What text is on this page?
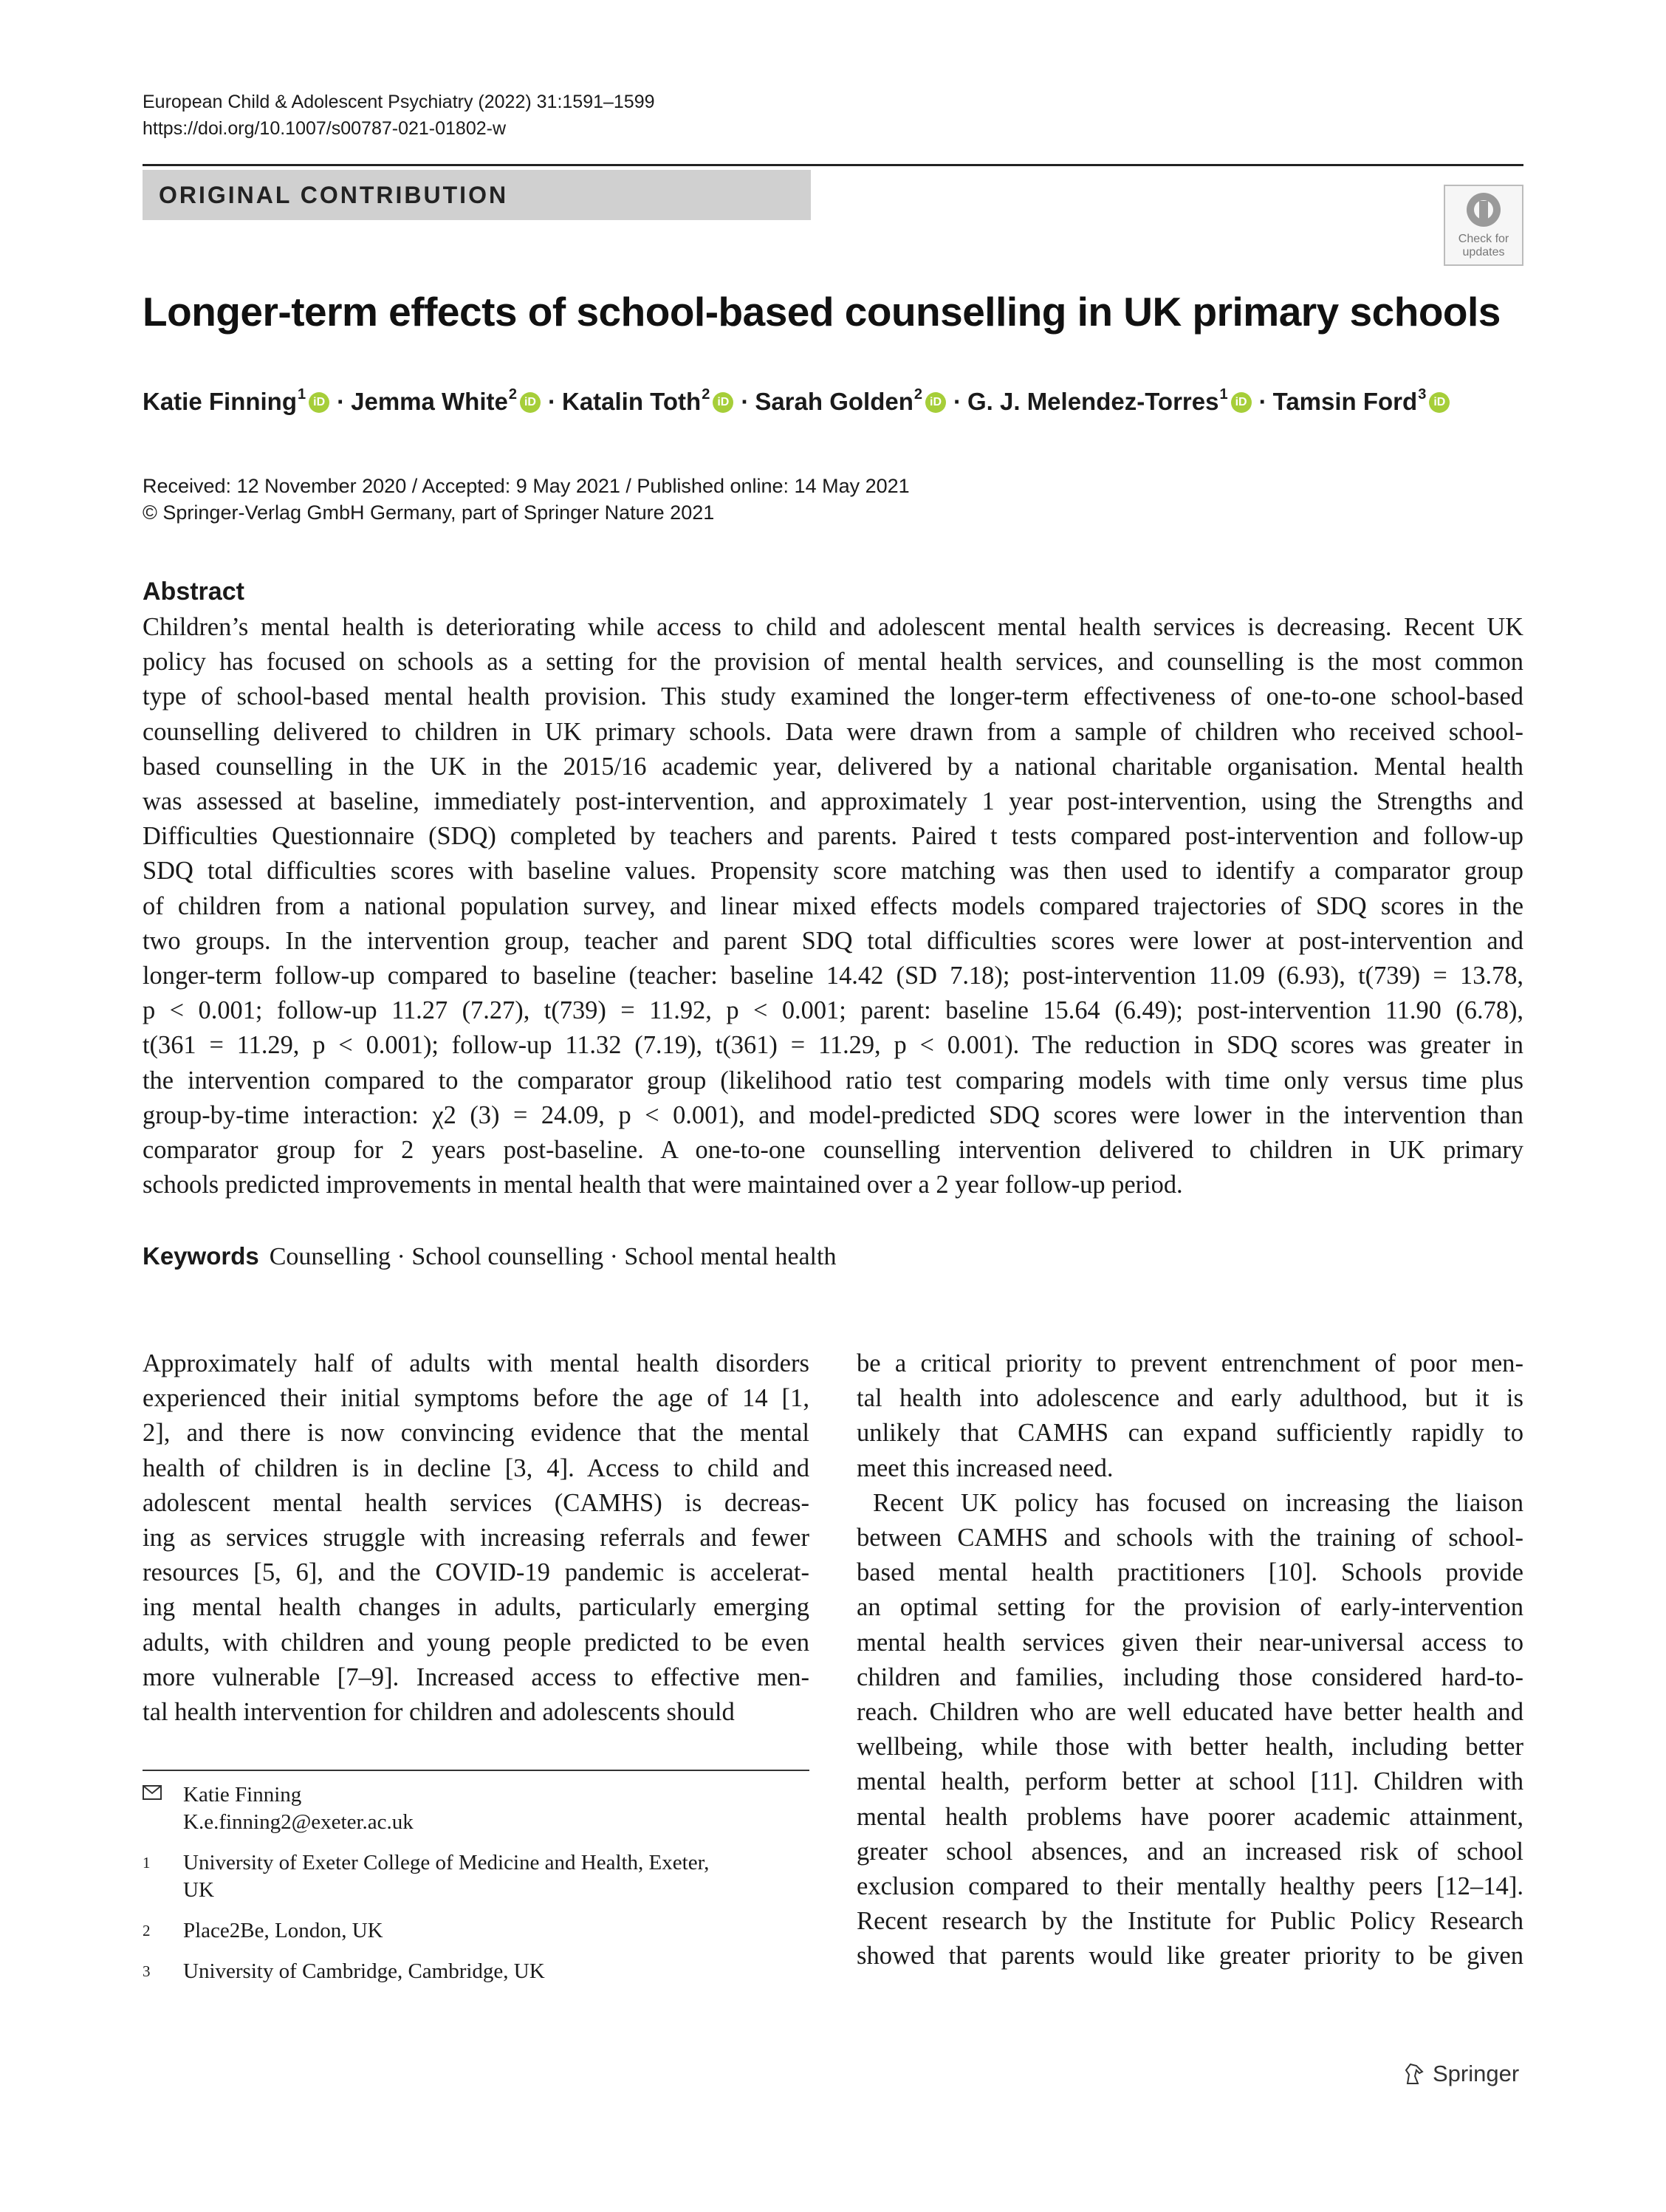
European Child & Adolescent Psychiatry (2022) 31:1591–1599
https://doi.org/10.1007/s00787-021-01802-w
ORIGINAL CONTRIBUTION
Check for
updates
Longer-term effects of school-based counselling in UK primary schools
Katie Finning$^1$ iD · Jemma White$^2$ iD · Katalin Toth$^2$ iD · Sarah Golden$^2$ iD · G. J. Melendez-Torres$^1$ iD · Tamsin Ford$^3$ iD
Received: 12 November 2020 / Accepted: 9 May 2021 / Published online: 14 May 2021
© Springer-Verlag GmbH Germany, part of Springer Nature 2021
Abstract
Children’s mental health is deteriorating while access to child and adolescent mental health services is decreasing. Recent UK
policy has focused on schools as a setting for the provision of mental health services, and counselling is the most common
type of school-based mental health provision. This study examined the longer-term effectiveness of one-to-one school-based
counselling delivered to children in UK primary schools. Data were drawn from a sample of children who received school-
based counselling in the UK in the 2015/16 academic year, delivered by a national charitable organisation. Mental health
was assessed at baseline, immediately post-intervention, and approximately 1 year post-intervention, using the Strengths and
Difficulties Questionnaire (SDQ) completed by teachers and parents. Paired t tests compared post-intervention and follow-up
SDQ total difficulties scores with baseline values. Propensity score matching was then used to identify a comparator group
of children from a national population survey, and linear mixed effects models compared trajectories of SDQ scores in the
two groups. In the intervention group, teacher and parent SDQ total difficulties scores were lower at post-intervention and
longer-term follow-up compared to baseline (teacher: baseline 14.42 (SD 7.18); post-intervention 11.09 (6.93), t(739) = 13.78,
p < 0.001; follow-up 11.27 (7.27), t(739) = 11.92, p < 0.001; parent: baseline 15.64 (6.49); post-intervention 11.90 (6.78),
t(361 = 11.29, p < 0.001); follow-up 11.32 (7.19), t(361) = 11.29, p < 0.001). The reduction in SDQ scores was greater in
the intervention compared to the comparator group (likelihood ratio test comparing models with time only versus time plus
group-by-time interaction: χ2 (3) = 24.09, p < 0.001), and model-predicted SDQ scores were lower in the intervention than
comparator group for 2 years post-baseline. A one-to-one counselling intervention delivered to children in UK primary
schools predicted improvements in mental health that were maintained over a 2 year follow-up period.
Keywords Counselling · School counselling · School mental health
Approximately half of adults with mental health disorders
experienced their initial symptoms before the age of 14 [1,
2], and there is now convincing evidence that the mental
health of children is in decline [3, 4]. Access to child and
adolescent mental health services (CAMHS) is decreas-
ing as services struggle with increasing referrals and fewer
resources [5, 6], and the COVID-19 pandemic is accelerat-
ing mental health changes in adults, particularly emerging
adults, with children and young people predicted to be even
more vulnerable [7–9]. Increased access to effective men-
tal health intervention for children and adolescents should
be a critical priority to prevent entrenchment of poor men-
tal health into adolescence and early adulthood, but it is
unlikely that CAMHS can expand sufficiently rapidly to
meet this increased need.
Recent UK policy has focused on increasing the liaison
between CAMHS and schools with the training of school-
based mental health practitioners [10]. Schools provide
an optimal setting for the provision of early-intervention
mental health services given their near-universal access to
children and families, including those considered hard-to-
reach. Children who are well educated have better health and
wellbeing, while those with better health, including better
mental health, perform better at school [11]. Children with
mental health problems have poorer academic attainment,
greater school absences, and an increased risk of school
exclusion compared to their mentally healthy peers [12–14].
Recent research by the Institute for Public Policy Research
showed that parents would like greater priority to be given
Katie Finning
K.e.finning2@exeter.ac.uk
1 University of Exeter College of Medicine and Health, Exeter,
UK
2 Place2Be, London, UK
3 University of Cambridge, Cambridge, UK
Springer
